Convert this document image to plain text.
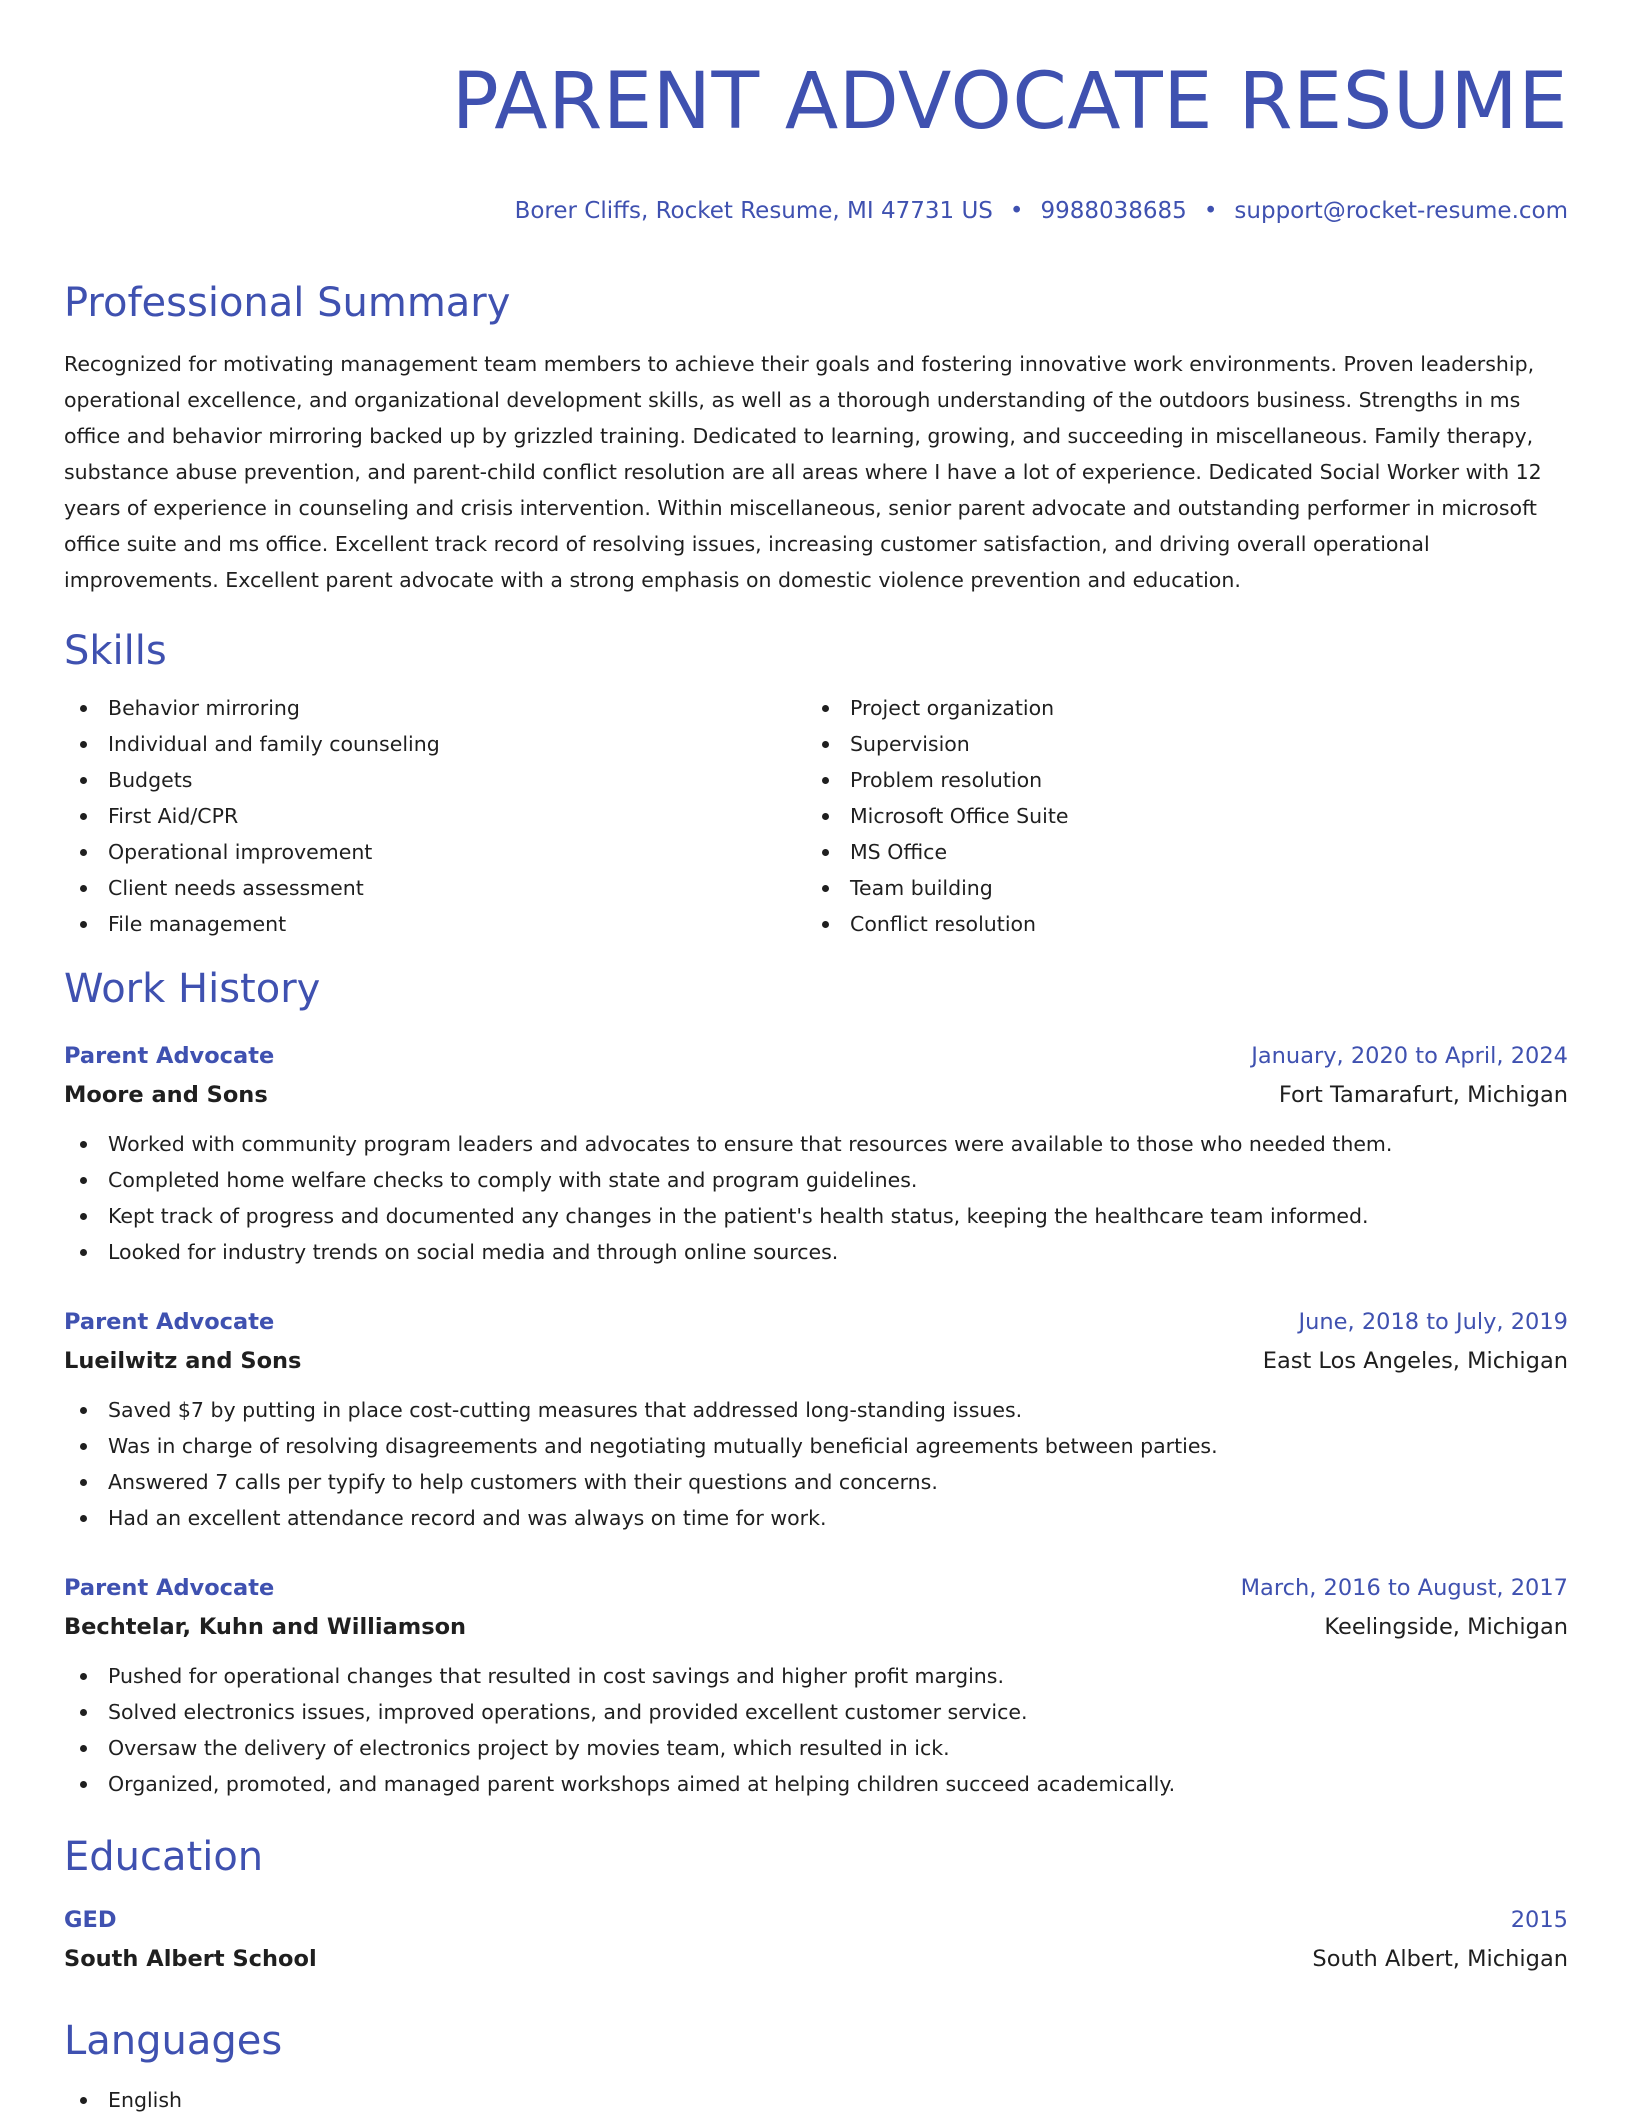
PARENT ADVOCATE RESUME
Borer Cliffs, Rocket Resume, MI 47731 US • 9988038685 • support@rocket-resume.com
Professional Summary
Recognized for motivating management team members to achieve their goals and fostering innovative work environments. Proven leadership, operational excellence, and organizational development skills, as well as a thorough understanding of the outdoors business. Strengths in ms office and behavior mirroring backed up by grizzled training. Dedicated to learning, growing, and succeeding in miscellaneous. Family therapy, substance abuse prevention, and parent-child conflict resolution are all areas where I have a lot of experience. Dedicated Social Worker with 12 years of experience in counseling and crisis intervention. Within miscellaneous, senior parent advocate and outstanding performer in microsoft office suite and ms office. Excellent track record of resolving issues, increasing customer satisfaction, and driving overall operational improvements. Excellent parent advocate with a strong emphasis on domestic violence prevention and education.
Skills
Behavior mirroring
Individual and family counseling
Budgets
First Aid/CPR
Operational improvement
Client needs assessment
File management
Project organization
Supervision
Problem resolution
Microsoft Office Suite
MS Office
Team building
Conflict resolution
Work History
Parent Advocate	January, 2020 to April, 2024
Moore and Sons	Fort Tamarafurt, Michigan
Worked with community program leaders and advocates to ensure that resources were available to those who needed them.
Completed home welfare checks to comply with state and program guidelines.
Kept track of progress and documented any changes in the patient's health status, keeping the healthcare team informed.
Looked for industry trends on social media and through online sources.
Parent Advocate	June, 2018 to July, 2019
Lueilwitz and Sons	East Los Angeles, Michigan
Saved $7 by putting in place cost-cutting measures that addressed long-standing issues.
Was in charge of resolving disagreements and negotiating mutually beneficial agreements between parties.
Answered 7 calls per typify to help customers with their questions and concerns.
Had an excellent attendance record and was always on time for work.
Parent Advocate	March, 2016 to August, 2017
Bechtelar, Kuhn and Williamson	Keelingside, Michigan
Pushed for operational changes that resulted in cost savings and higher profit margins.
Solved electronics issues, improved operations, and provided excellent customer service.
Oversaw the delivery of electronics project by movies team, which resulted in ick.
Organized, promoted, and managed parent workshops aimed at helping children succeed academically.
Education
GED	2015
South Albert School	South Albert, Michigan
Languages
English
